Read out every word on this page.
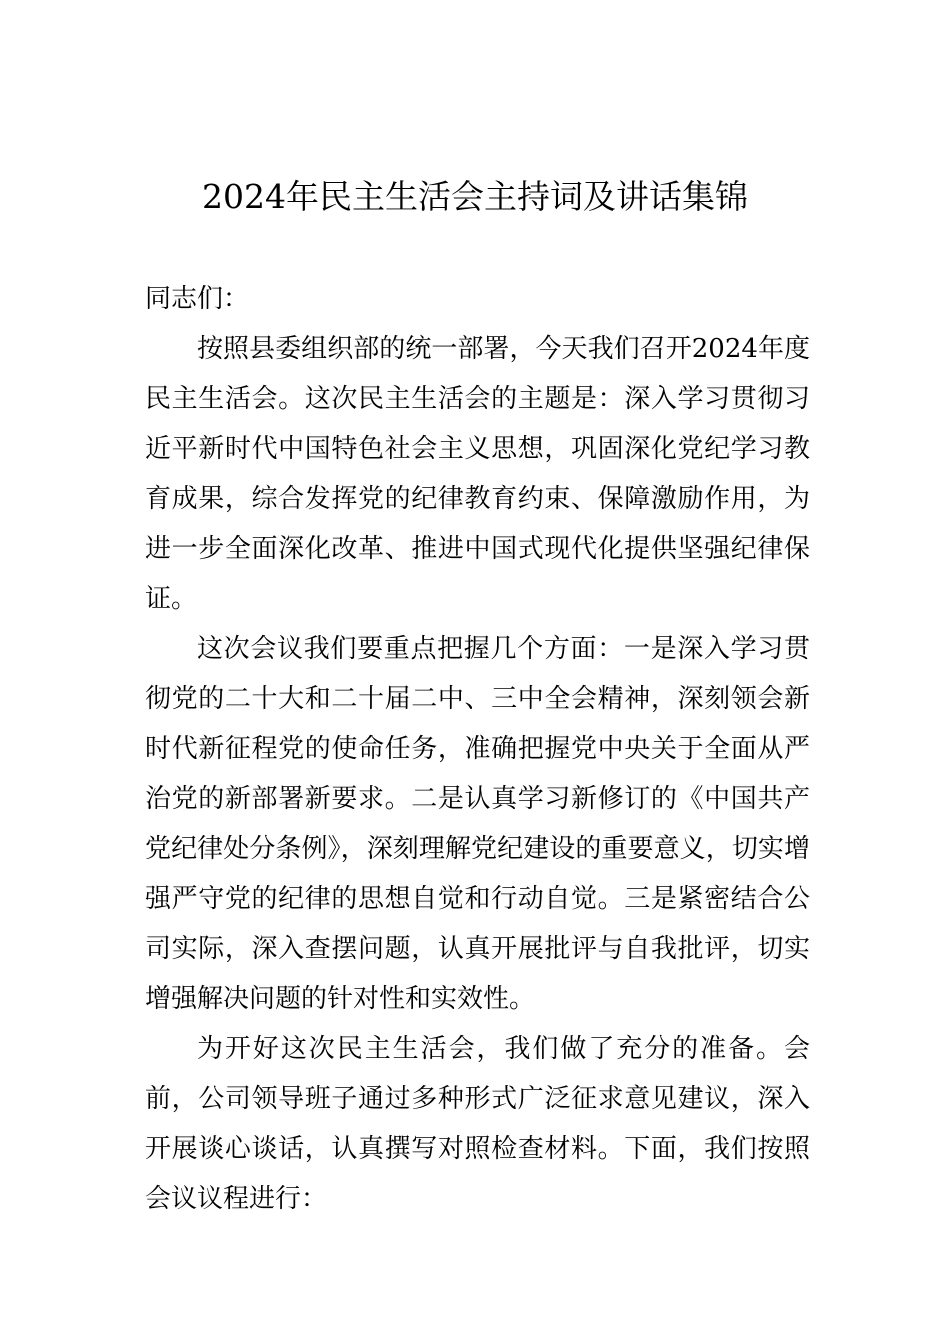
2024年民主生活会主持词及讲话集锦

同志们：

按照县委组织部的统一部署，今天我们召开2024年度民主生活会。这次民主生活会的主题是：深入学习贯彻习近平新时代中国特色社会主义思想，巩固深化党纪学习教育成果，综合发挥党的纪律教育约束、保障激励作用，为进一步全面深化改革、推进中国式现代化提供坚强纪律保证。

这次会议我们要重点把握几个方面：一是深入学习贯彻党的二十大和二十届二中、三中全会精神，深刻领会新时代新征程党的使命任务，准确把握党中央关于全面从严治党的新部署新要求。二是认真学习新修订的《中国共产党纪律处分条例》，深刻理解党纪建设的重要意义，切实增强严守党的纪律的思想自觉和行动自觉。三是紧密结合公司实际，深入查摆问题，认真开展批评与自我批评，切实增强解决问题的针对性和实效性。

为开好这次民主生活会，我们做了充分的准备。会前，公司领导班子通过多种形式广泛征求意见建议，深入开展谈心谈话，认真撰写对照检查材料。下面，我们按照会议议程进行：
